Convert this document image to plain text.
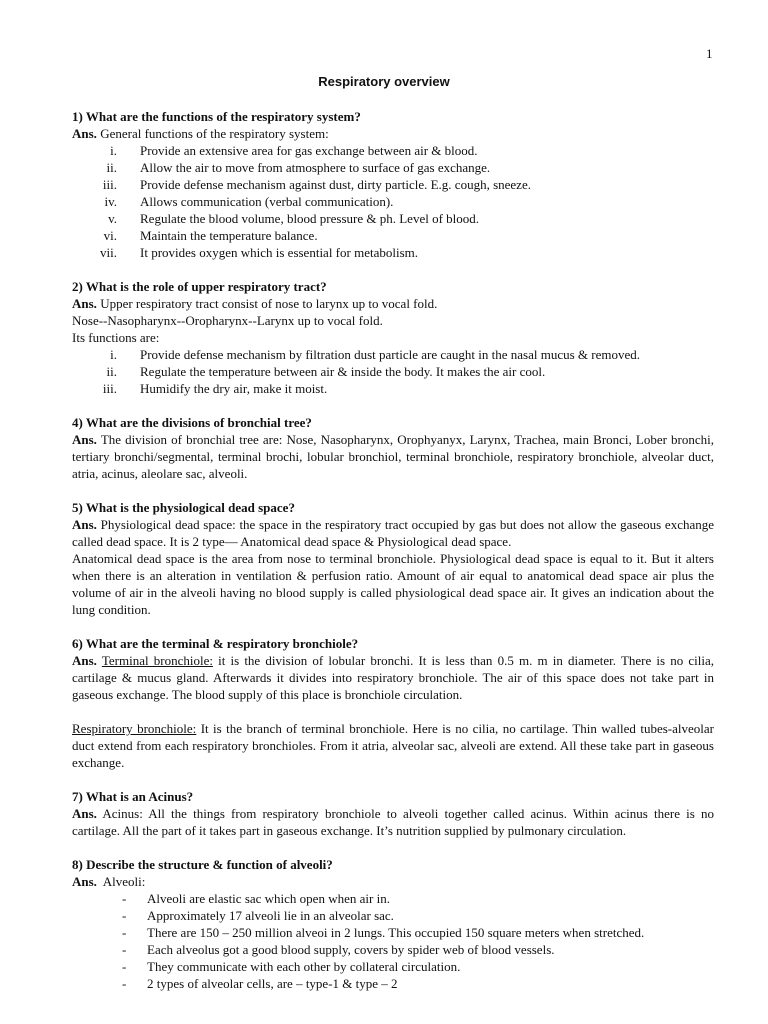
1
Respiratory overview
1) What are the functions of the respiratory system?
Ans. General functions of the respiratory system:
i. Provide an extensive area for gas exchange between air & blood.
ii. Allow the air to move from atmosphere to surface of gas exchange.
iii. Provide defense mechanism against dust, dirty particle. E.g. cough, sneeze.
iv. Allows communication (verbal communication).
v. Regulate the blood volume, blood pressure & ph. Level of blood.
vi. Maintain the temperature balance.
vii. It provides oxygen which is essential for metabolism.
2) What is the role of upper respiratory tract?
Ans. Upper respiratory tract consist of nose to larynx up to vocal fold.
Nose--Nasopharynx--Oropharynx--Larynx up to vocal fold.
Its functions are:
i. Provide defense mechanism by filtration dust particle are caught in the nasal mucus & removed.
ii. Regulate the temperature between air & inside the body. It makes the air cool.
iii. Humidify the dry air, make it moist.
4) What are the divisions of bronchial tree?
Ans. The division of bronchial tree are: Nose, Nasopharynx, Orophyanyx, Larynx, Trachea, main Bronci, Lober bronchi, tertiary bronchi/segmental, terminal brochi, lobular bronchiol, terminal bronchiole, respiratory bronchiole, alveolar duct, atria, acinus, aleolare sac, alveoli.
5) What is the physiological dead space?
Ans. Physiological dead space: the space in the respiratory tract occupied by gas but does not allow the gaseous exchange called dead space. It is 2 type— Anatomical dead space & Physiological dead space.
Anatomical dead space is the area from nose to terminal bronchiole. Physiological dead space is equal to it. But it alters when there is an alteration in ventilation & perfusion ratio. Amount of air equal to anatomical dead space air plus the volume of air in the alveoli having no blood supply is called physiological dead space air. It gives an indication about the lung condition.
6) What are the terminal & respiratory bronchiole?
Ans. Terminal bronchiole: it is the division of lobular bronchi. It is less than 0.5 m. m in diameter. There is no cilia, cartilage & mucus gland. Afterwards it divides into respiratory bronchiole. The air of this space does not take part in gaseous exchange. The blood supply of this place is bronchiole circulation.
Respiratory bronchiole: It is the branch of terminal bronchiole. Here is no cilia, no cartilage. Thin walled tubes-alveolar duct extend from each respiratory bronchioles. From it atria, alveolar sac, alveoli are extend. All these take part in gaseous exchange.
7) What is an Acinus?
Ans. Acinus: All the things from respiratory bronchiole to alveoli together called acinus. Within acinus there is no cartilage. All the part of it takes part in gaseous exchange. It’s nutrition supplied by pulmonary circulation.
8) Describe the structure & function of alveoli?
Ans. Alveoli:
-	Alveoli are elastic sac which open when air in.
-	Approximately 17 alveoli lie in an alveolar sac.
-	There are 150 – 250 million alveoi in 2 lungs. This occupied 150 square meters when stretched.
-	Each alveolus got a good blood supply, covers by spider web of blood vessels.
-	They communicate with each other by collateral circulation.
-	2 types of alveolar cells, are – type-1 & type – 2
